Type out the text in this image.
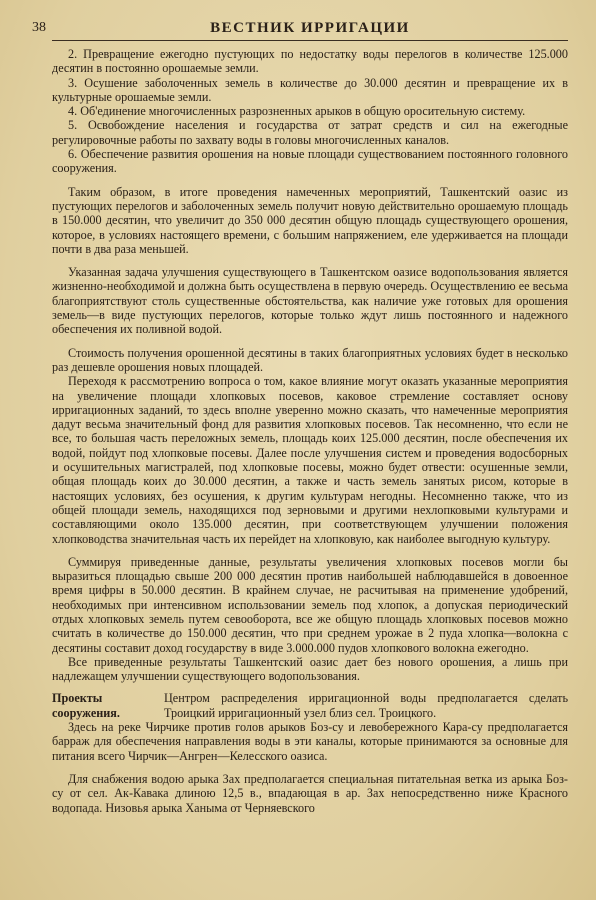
38	ВЕСТНИК ИРРИГАЦИИ

2. Превращение ежегодно пустующих по недостатку воды перелогов в количестве 125.000 десятин в постоянно орошаемые земли.

3. Осушение заболоченных земель в количестве до 30.000 десятин и превращение их в культурные орошаемые земли.

4. Об'единение многочисленных разрозненных арыков в общую оросительную систему.

5. Освобождение населения и государства от затрат средств и сил на ежегодные регулировочные работы по захвату воды в головы многочисленных каналов.

6. Обеспечение развития орошения на новые площади существованием постоянного головного сооружения.

Таким образом, в итоге проведения намеченных мероприятий, Ташкентский оазис из пустующих перелогов и заболоченных земель получит новую действительно орошаемую площадь в 150.000 десятин, что увеличит до 350 000 десятин общую площадь существующего орошения, которое, в условиях настоящего времени, с большим напряжением, еле удерживается на площади почти в два раза меньшей.

Указанная задача улучшения существующего в Ташкентском оазисе водопользования является жизненно-необходимой и должна быть осуществлена в первую очередь. Осуществлению ее весьма благоприятствуют столь существенные обстоятельства, как наличие уже готовых для орошения земель—в виде пустующих перелогов, которые только ждут лишь постоянного и надежного обеспечения их поливной водой.

Стоимость получения орошенной десятины в таких благоприятных условиях будет в несколько раз дешевле орошения новых площадей.

Переходя к рассмотрению вопроса о том, какое влияние могут оказать указанные мероприятия на увеличение площади хлопковых посевов, каковое стремление составляет основу ирригационных заданий, то здесь вполне уверенно можно сказать, что намеченные мероприятия дадут весьма значительный фонд для развития хлопковых посевов. Так несомненно, что если не все, то большая часть переложных земель, площадь коих 125.000 десятин, после обеспечения их водой, пойдут под хлопковые посевы. Далее после улучшения систем и проведения водосборных и осушительных магистралей, под хлопковые посевы, можно будет отвести: осушенные земли, общая площадь коих до 30.000 десятин, а также и часть земель занятых рисом, которые в настоящих условиях, без осушения, к другим культурам негодны. Несомненно также, что из общей площади земель, находящихся под зерновыми и другими нехлопковыми культурами и составляющими около 135.000 десятин, при соответствующем улучшении положения хлопководства значительная часть их перейдет на хлопковую, как наиболее выгодную культуру.

Суммируя приведенные данные, результаты увеличения хлопковых посевов могли бы выразиться площадью свыше 200 000 десятин против наибольшей наблюдавшейся в довоенное время цифры в 50.000 десятин. В крайнем случае, не расчитывая на применение удобрений, необходимых при интенсивном использовании земель под хлопок, а допуская периодический отдых хлопковых земель путем севооборота, все же общую площадь хлопковых посевов можно считать в количестве до 150.000 десятин, что при среднем урожае в 2 пуда хлопка—волокна с десятины составит доход государству в виде 3.000.000 пудов хлопкового волокна ежегодно.

Все приведенные результаты Ташкентский оазис дает без нового орошения, а лишь при надлежащем улучшении существующего водопользования.

Проекты сооружения.
Центром распределения ирригационной воды предполагается сделать Троицкий ирригационный узел близ сел. Троицкого.

Здесь на реке Чирчике против голов арыков Боз-су и левобережного Кара-су предполагается барраж для обеспечения направления воды в эти каналы, которые принимаются за основные для питания всего Чирчик—Ангрен—Келесского оазиса.

Для снабжения водою арыка Зах предполагается специальная питательная ветка из арыка Боз-су от сел. Ак-Кавака длиною 12,5 в., впадающая в ар. Зах непосредственно ниже Красного водопада. Низовья арыка Ханыма от Черняевского
